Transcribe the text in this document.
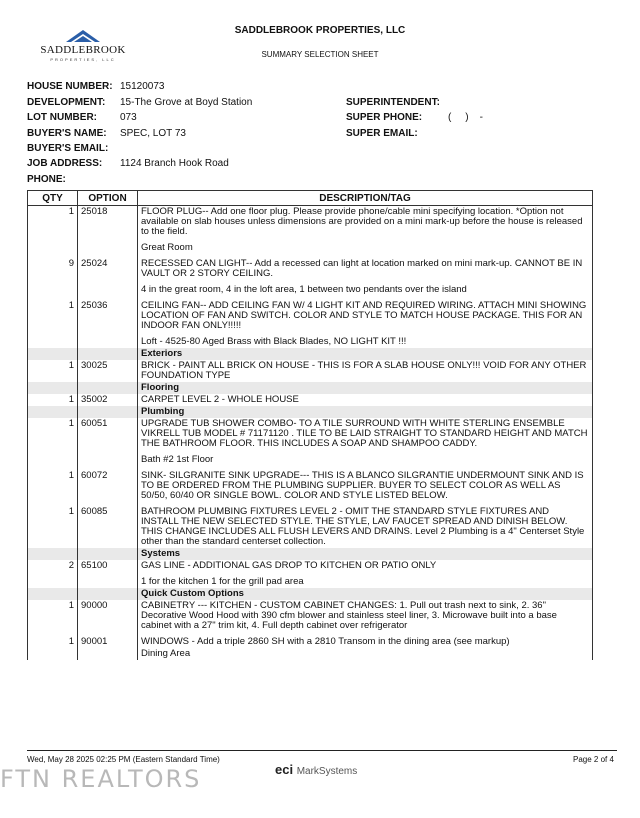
SADDLEBROOK
PROPERTIES, LLC
SADDLEBROOK PROPERTIES, LLC
SUMMARY SELECTION SHEET
HOUSE NUMBER: 15120073
DEVELOPMENT: 15-The Grove at Boyd Station	SUPERINTENDENT:
LOT NUMBER: 073	SUPER PHONE:	(     )    -
BUYER'S NAME: SPEC, LOT 73	SUPER EMAIL:
BUYER'S EMAIL:
JOB ADDRESS: 1124 Branch Hook Road
PHONE:
QTY	OPTION	DESCRIPTION/TAG
1	25018	FLOOR PLUG-- Add one floor plug. Please provide phone/cable mini specifying location. *Option not available on slab houses unless dimensions are provided on a mini mark-up before the house is released to the field.

		Great Room

9	25024	RECESSED CAN LIGHT-- Add a recessed can light at location marked on mini mark-up. CANNOT BE IN VAULT OR 2 STORY CEILING.

		4 in the great room, 4 in the loft area, 1 between two pendants over the island

1	25036	CEILING FAN-- ADD CEILING FAN W/ 4 LIGHT KIT AND REQUIRED WIRING. ATTACH MINI SHOWING LOCATION OF FAN AND SWITCH. COLOR AND STYLE TO MATCH HOUSE PACKAGE. THIS FOR AN INDOOR FAN ONLY!!!!!

		Loft - 4525-80 Aged Brass with Black Blades, NO LIGHT KIT !!!
		Exteriors
1	30025	BRICK - PAINT ALL BRICK ON HOUSE - THIS IS FOR A SLAB HOUSE ONLY!!! VOID FOR ANY OTHER FOUNDATION TYPE
		Flooring
1	35002	CARPET LEVEL 2 - WHOLE HOUSE
		Plumbing
1	60051	UPGRADE TUB SHOWER COMBO- TO A TILE SURROUND WITH WHITE STERLING ENSEMBLE VIKRELL TUB MODEL # 71171120 . TILE TO BE LAID STRAIGHT TO STANDARD HEIGHT AND MATCH THE BATHROOM FLOOR. THIS INCLUDES A SOAP AND SHAMPOO CADDY.

		Bath #2 1st Floor

1	60072	SINK- SILGRANITE SINK UPGRADE--- THIS IS A BLANCO SILGRANTIE UNDERMOUNT SINK AND IS TO BE ORDERED FROM THE PLUMBING SUPPLIER. BUYER TO SELECT COLOR AS WELL AS 50/50, 60/40 OR SINGLE BOWL. COLOR AND STYLE LISTED BELOW.

1	60085	BATHROOM PLUMBING FIXTURES LEVEL 2 - OMIT THE STANDARD STYLE FIXTURES AND INSTALL THE NEW SELECTED STYLE. THE STYLE, LAV FAUCET SPREAD AND DINISH BELOW. THIS CHANGE INCLUDES ALL FLUSH LEVERS AND DRAINS. Level 2 Plumbing is a 4" Centerset Style other than the standard centerset collection.
		Systems
2	65100	GAS LINE - ADDITIONAL GAS DROP TO KITCHEN OR PATIO ONLY

		1 for the kitchen 1 for the grill pad area
		Quick Custom Options
1	90000	CABINETRY --- KITCHEN - CUSTOM CABINET CHANGES: 1. Pull out trash next to sink, 2. 36" Decorative Wood Hood with 390 cfm blower and stainless steel liner, 3. Microwave built into a base cabinet with a 27" trim kit, 4. Full depth cabinet over refrigerator

1	90001	WINDOWS - Add a triple 2860 SH with a 2810 Transom in the dining area (see markup)
		Dining Area
Wed, May 28 2025 02:25 PM (Eastern Standard Time)	Page 2 of 4
eci MarkSystems
FTN REALTORS
